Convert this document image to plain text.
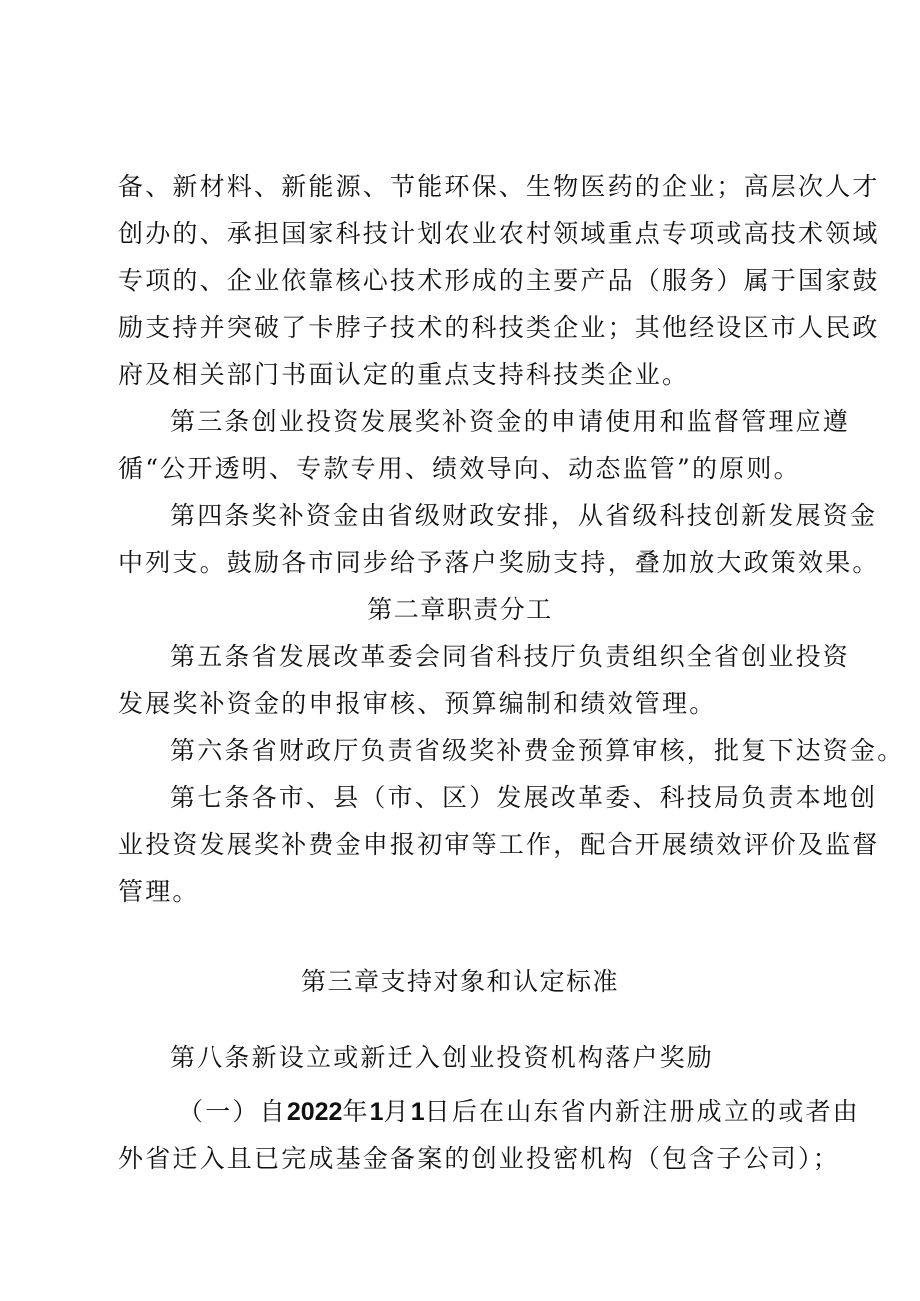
备、新材料、新能源、节能环保、生物医药的企业；高层次人才
创办的、承担国家科技计划农业农村领域重点专项或高技术领域
专项的、企业依靠核心技术形成的主要产品（服务）属于国家鼓
励支持并突破了卡脖子技术的科技类企业；其他经设区市人民政
府及相关部门书面认定的重点支持科技类企业。
第三条创业投资发展奖补资金的申请使用和监督管理应遵
循“公开透明、专款专用、绩效导向、动态监管”的原则。
第四条奖补资金由省级财政安排，从省级科技创新发展资金
中列支。鼓励各市同步给予落户奖励支持，叠加放大政策效果。
第二章职责分工
第五条省发展改革委会同省科技厅负责组织全省创业投资
发展奖补资金的申报审核、预算编制和绩效管理。
第六条省财政厅负责省级奖补费金预算审核，批复下达资金。
第七条各市、县（市、区）发展改革委、科技局负责本地创
业投资发展奖补费金申报初审等工作，配合开展绩效评价及监督
管理。
第三章支持对象和认定标准
第八条新设立或新迁入创业投资机构落户奖励
（一）自2022年1月1日后在山东省内新注册成立的或者由
外省迁入且已完成基金备案的创业投密机构（包含子公司）；
